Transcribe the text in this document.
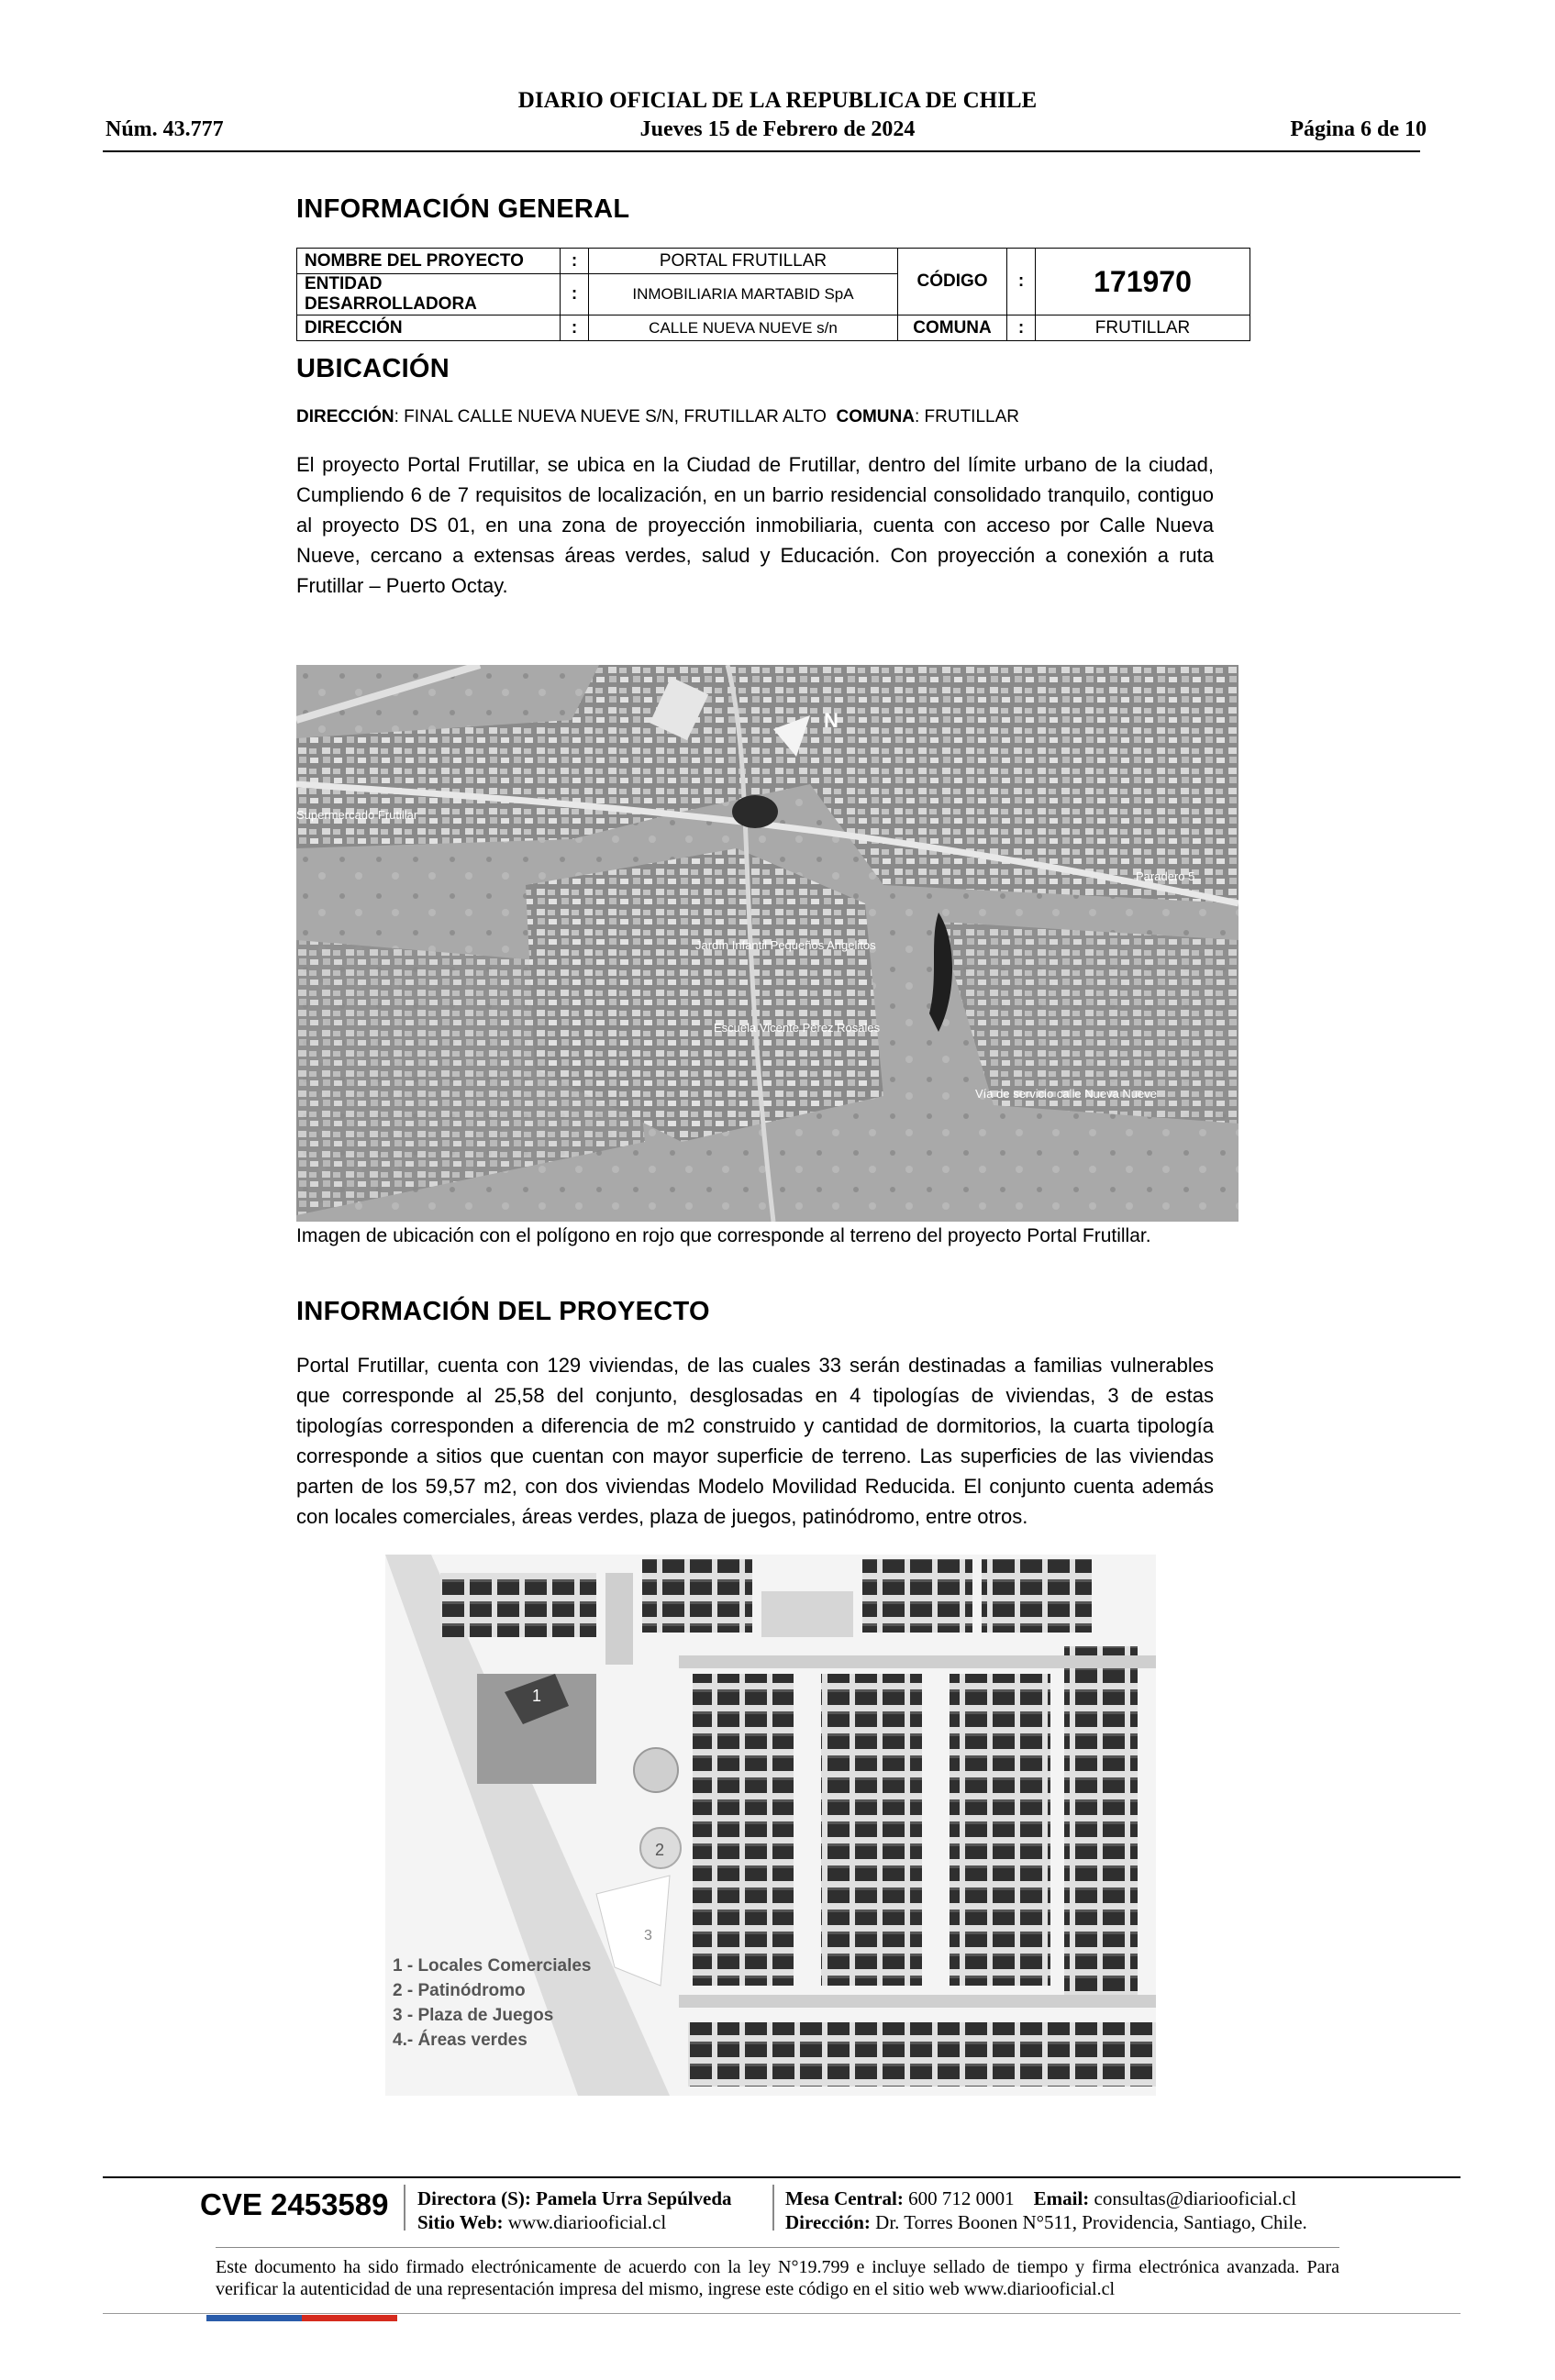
DIARIO OFICIAL DE LA REPUBLICA DE CHILE
Núm. 43.777	Jueves 15 de Febrero de 2024	Página 6 de 10
INFORMACIÓN GENERAL
NOMBRE DEL PROYECTO	:	PORTAL FRUTILLAR	CÓDIGO	:	171970
ENTIDAD DESARROLLADORA	:	INMOBILIARIA MARTABID SpA			
DIRECCIÓN	:	CALLE NUEVA NUEVE s/n	COMUNA	:	FRUTILLAR
UBICACIÓN
DIRECCIÓN: FINAL CALLE NUEVA NUEVE S/N, FRUTILLAR ALTO COMUNA: FRUTILLAR

El proyecto Portal Frutillar, se ubica en la Ciudad de Frutillar, dentro del límite urbano de la ciudad, Cumpliendo 6 de 7 requisitos de localización, en un barrio residencial consolidado tranquilo, contiguo al proyecto DS 01, en una zona de proyección inmobiliaria, cuenta con acceso por Calle Nueva Nueve, cercano a extensas áreas verdes, salud y Educación. Con proyección a conexión a ruta Frutillar – Puerto Octay.

Supermercado Frutillar
Paradero 5
Jardín Infantil Pequeños Angelitos
Escuela Vicente Pérez Rosales
Vía de servicio calle Nueva Nueve
N
Imagen de ubicación con el polígono en rojo que corresponde al terreno del proyecto Portal Frutillar.
INFORMACIÓN DEL PROYECTO

Portal Frutillar, cuenta con 129 viviendas, de las cuales 33 serán destinadas a familias vulnerables que corresponde al 25,58 del conjunto, desglosadas en 4 tipologías de viviendas, 3 de estas tipologías corresponden a diferencia de m2 construido y cantidad de dormitorios, la cuarta tipología corresponde a sitios que cuentan con mayor superficie de terreno. Las superficies de las viviendas parten de los 59,57 m2, con dos viviendas Modelo Movilidad Reducida. El conjunto cuenta además con locales comerciales, áreas verdes, plaza de juegos, patinódromo, entre otros.

1
2
3
1 - Locales Comerciales
2 - Patinódromo
3 - Plaza de Juegos
4.- Áreas verdes
CVE 2453589 Directora (S): Pamela Urra Sepúlveda
Sitio Web: www.diariooficial.cl
Mesa Central: 600 712 0001 Email: consultas@diariooficial.cl
Dirección: Dr. Torres Boonen N°511, Providencia, Santiago, Chile.
Este documento ha sido firmado electrónicamente de acuerdo con la ley N°19.799 e incluye sellado de tiempo y firma electrónica avanzada. Para verificar la autenticidad de una representación impresa del mismo, ingrese este código en el sitio web www.diariooficial.cl
